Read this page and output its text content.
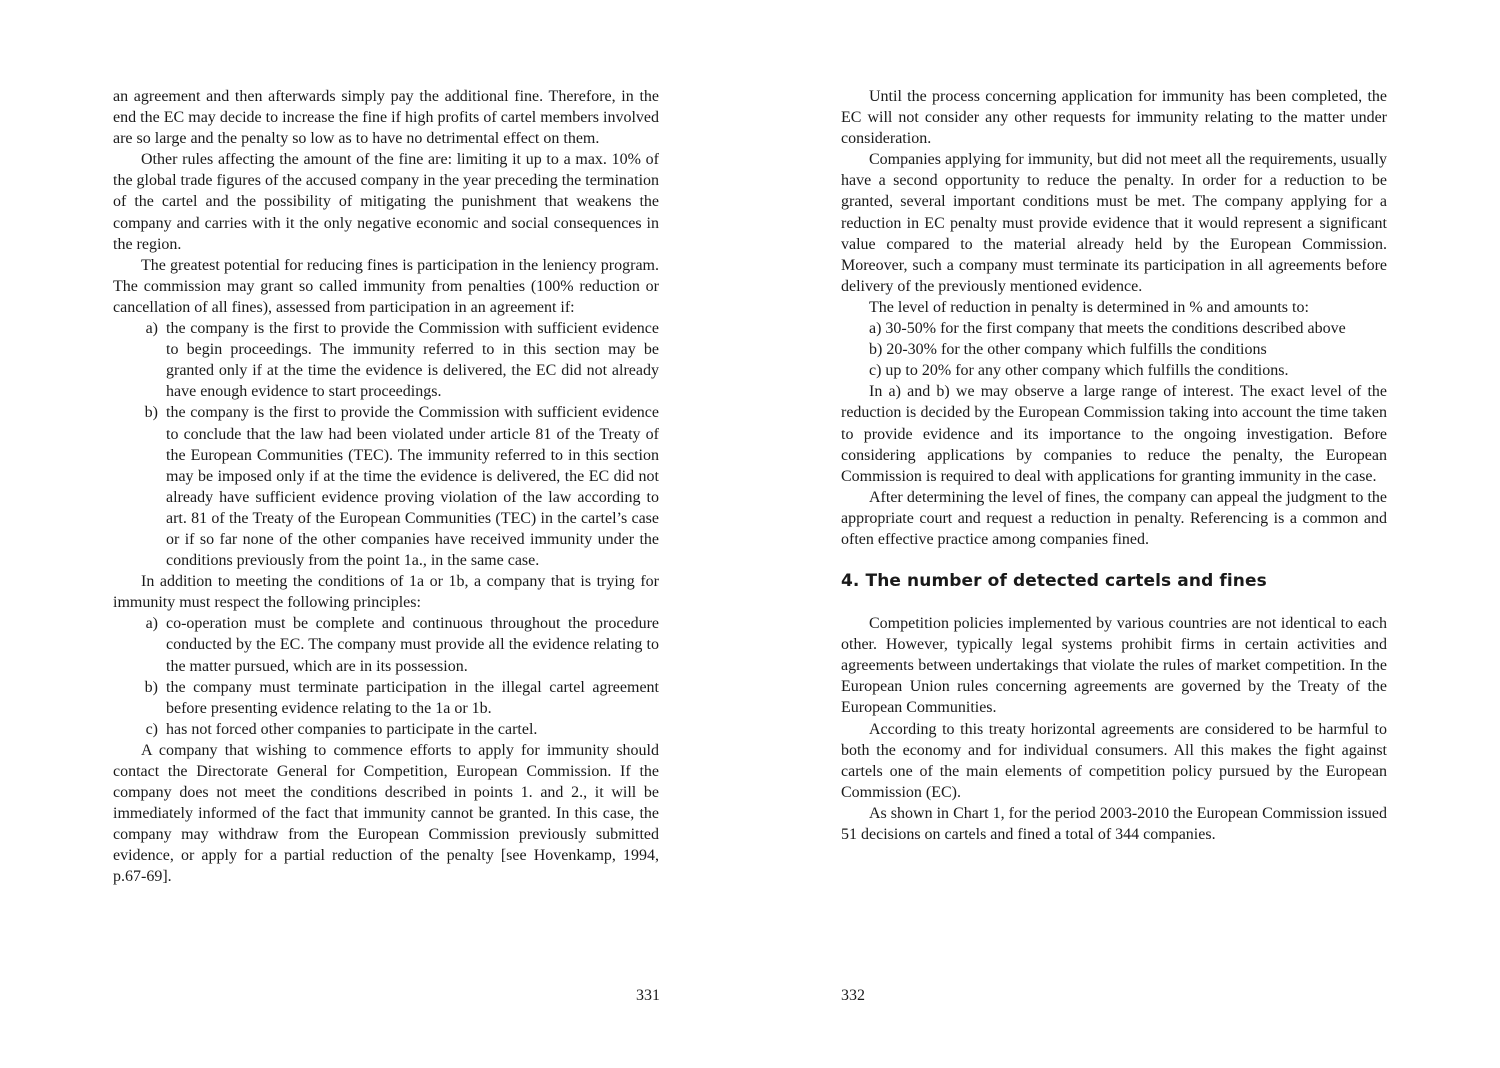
an agreement and then afterwards simply pay the additional fine. Therefore, in the end the EC may decide to increase the fine if high profits of cartel members involved are so large and the penalty so low as to have no detrimental effect on them.

Other rules affecting the amount of the fine are: limiting it up to a max. 10% of the global trade figures of the accused company in the year preceding the termination of the cartel and the possibility of mitigating the punishment that weakens the company and carries with it the only negative economic and social consequences in the region.

The greatest potential for reducing fines is participation in the leniency program. The commission may grant so called immunity from penalties (100% reduction or cancellation of all fines), assessed from participation in an agreement if:

a) the company is the first to provide the Commission with sufficient evidence to begin proceedings. The immunity referred to in this section may be granted only if at the time the evidence is delivered, the EC did not already have enough evidence to start proceedings.
b) the company is the first to provide the Commission with sufficient evidence to conclude that the law had been violated under article 81 of the Treaty of the European Communities (TEC). The immunity referred to in this section may be imposed only if at the time the evidence is delivered, the EC did not already have sufficient evidence proving violation of the law according to art. 81 of the Treaty of the European Communities (TEC) in the cartel’s case or if so far none of the other companies have received immunity under the conditions previously from the point 1a., in the same case.

In addition to meeting the conditions of 1a or 1b, a company that is trying for immunity must respect the following principles:

a) co-operation must be complete and continuous throughout the procedure conducted by the EC. The company must provide all the evidence relating to the matter pursued, which are in its possession.
b) the company must terminate participation in the illegal cartel agreement before presenting evidence relating to the 1a or 1b.
c) has not forced other companies to participate in the cartel.

A company that wishing to commence efforts to apply for immunity should contact the Directorate General for Competition, European Commission. If the company does not meet the conditions described in points 1. and 2., it will be immediately informed of the fact that immunity cannot be granted. In this case, the company may withdraw from the European Commission previously submitted evidence, or apply for a partial reduction of the penalty [see Hovenkamp, 1994, p.67-69].

Until the process concerning application for immunity has been completed, the EC will not consider any other requests for immunity relating to the matter under consideration.

Companies applying for immunity, but did not meet all the requirements, usually have a second opportunity to reduce the penalty. In order for a reduction to be granted, several important conditions must be met. The company applying for a reduction in EC penalty must provide evidence that it would represent a significant value compared to the material already held by the European Commission. Moreover, such a company must terminate its participation in all agreements before delivery of the previously mentioned evidence.

The level of reduction in penalty is determined in % and amounts to:

a) 30-50% for the first company that meets the conditions described above

b) 20-30% for the other company which fulfills the conditions

c) up to 20% for any other company which fulfills the conditions.

In a) and b) we may observe a large range of interest. The exact level of the reduction is decided by the European Commission taking into account the time taken to provide evidence and its importance to the ongoing investigation. Before considering applications by companies to reduce the penalty, the European Commission is required to deal with applications for granting immunity in the case.

After determining the level of fines, the company can appeal the judgment to the appropriate court and request a reduction in penalty. Referencing is a common and often effective practice among companies fined.

4. The number of detected cartels and fines

Competition policies implemented by various countries are not identical to each other. However, typically legal systems prohibit firms in certain activities and agreements between undertakings that violate the rules of market competition. In the European Union rules concerning agreements are governed by the Treaty of the European Communities.

According to this treaty horizontal agreements are considered to be harmful to both the economy and for individual consumers. All this makes the fight against cartels one of the main elements of competition policy pursued by the European Commission (EC).

As shown in Chart 1, for the period 2003-2010 the European Commission issued 51 decisions on cartels and fined a total of 344 companies.

331	332
